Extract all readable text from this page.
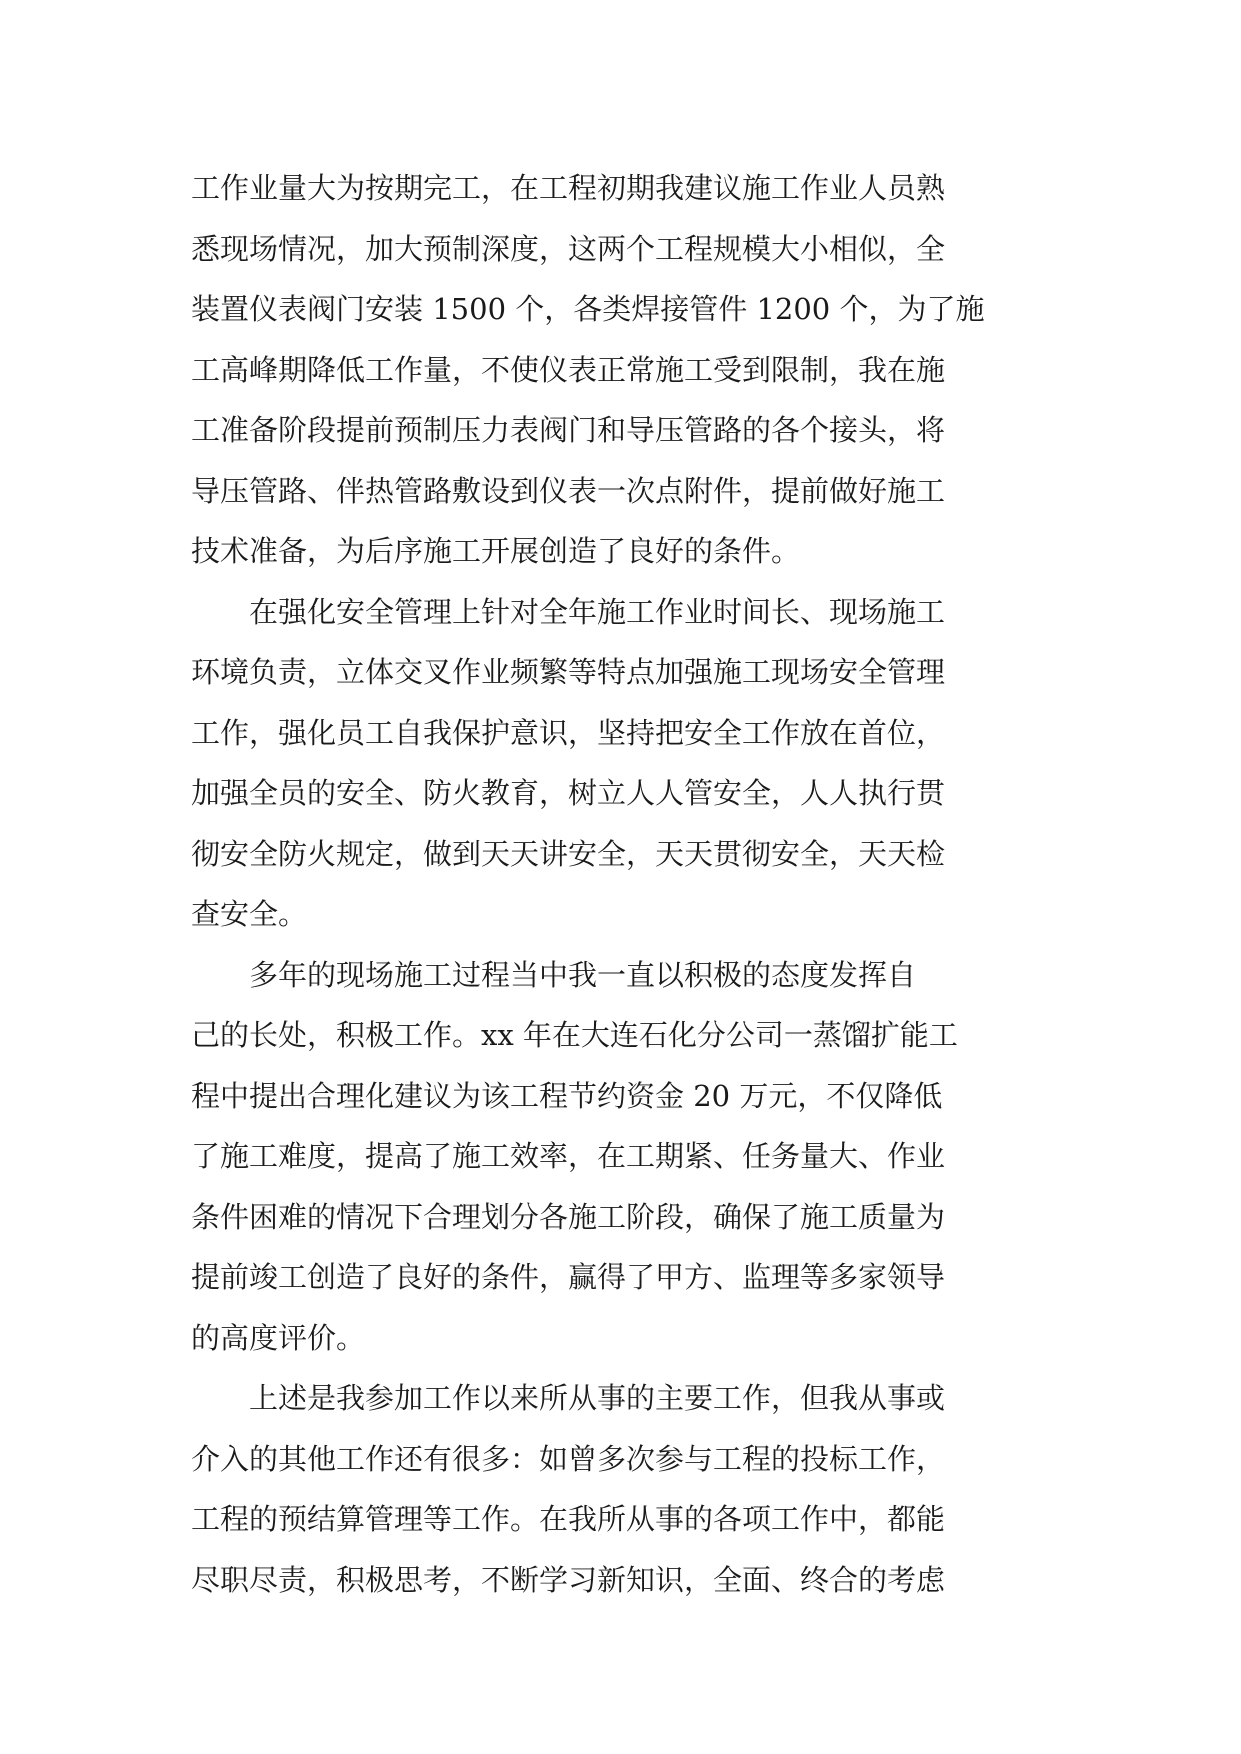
工作业量大为按期完工，在工程初期我建议施工作业人员熟

悉现场情况，加大预制深度，这两个工程规模大小相似，全

装置仪表阀门安装 1500 个，各类焊接管件 1200 个，为了施

工高峰期降低工作量，不使仪表正常施工受到限制，我在施

工准备阶段提前预制压力表阀门和导压管路的各个接头，将

导压管路、伴热管路敷设到仪表一次点附件，提前做好施工

技术准备，为后序施工开展创造了良好的条件。

　　在强化安全管理上针对全年施工作业时间长、现场施工

环境负责，立体交叉作业频繁等特点加强施工现场安全管理

工作，强化员工自我保护意识，坚持把安全工作放在首位，

加强全员的安全、防火教育，树立人人管安全，人人执行贯

彻安全防火规定，做到天天讲安全，天天贯彻安全，天天检

查安全。

　　多年的现场施工过程当中我一直以积极的态度发挥自

己的长处，积极工作。xx 年在大连石化分公司一蒸馏扩能工

程中提出合理化建议为该工程节约资金 20 万元，不仅降低

了施工难度，提高了施工效率，在工期紧、任务量大、作业

条件困难的情况下合理划分各施工阶段，确保了施工质量为

提前竣工创造了良好的条件，赢得了甲方、监理等多家领导

的高度评价。

　　上述是我参加工作以来所从事的主要工作，但我从事或

介入的其他工作还有很多：如曾多次参与工程的投标工作，

工程的预结算管理等工作。在我所从事的各项工作中，都能

尽职尽责，积极思考，不断学习新知识，全面、终合的考虑
